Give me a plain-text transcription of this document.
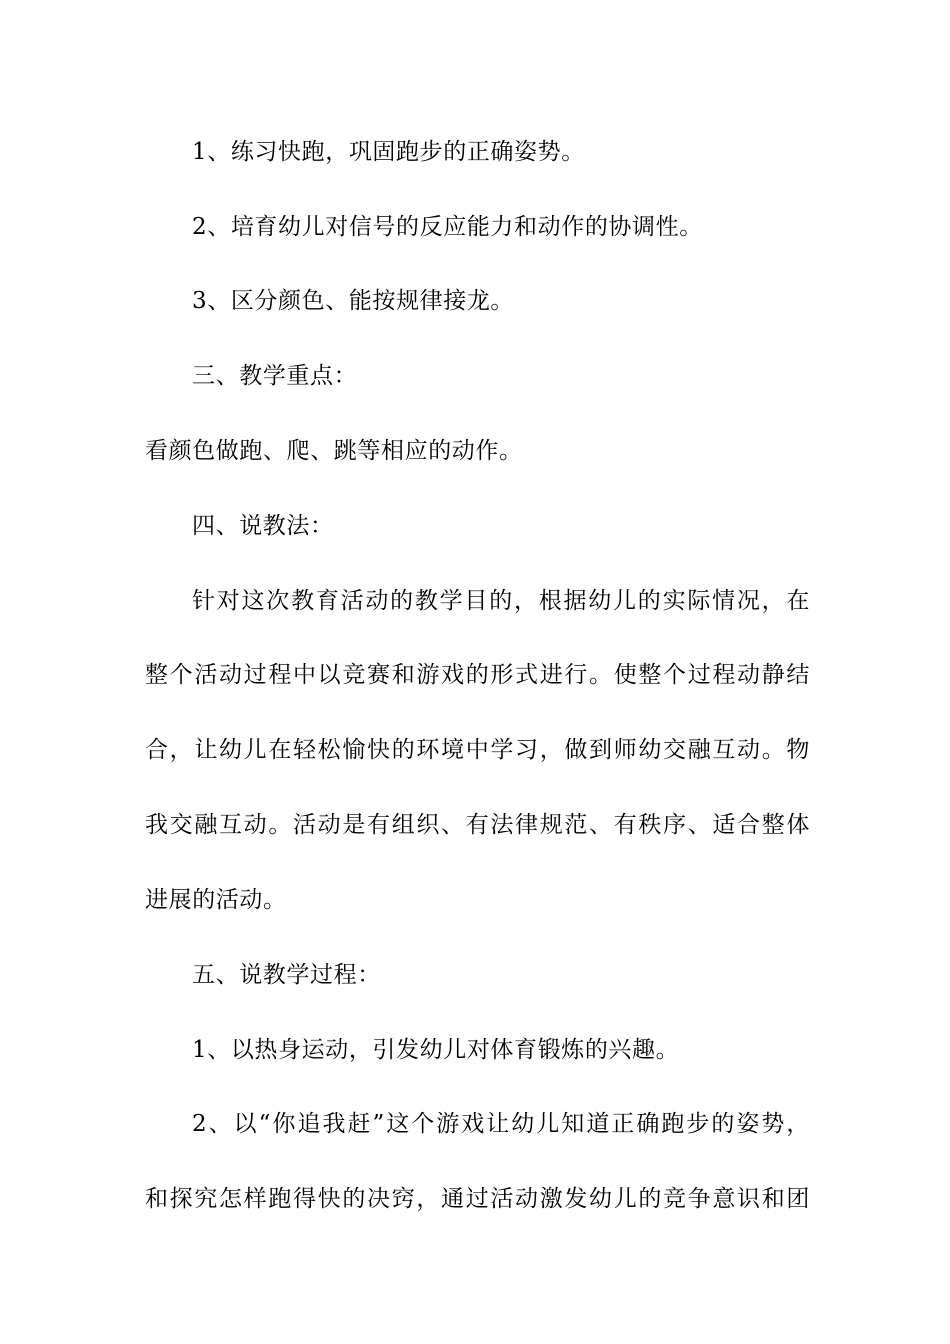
1、练习快跑，巩固跑步的正确姿势。
2、培育幼儿对信号的反应能力和动作的协调性。
3、区分颜色、能按规律接龙。
三、教学重点：
看颜色做跑、爬、跳等相应的动作。
四、说教法：
针对这次教育活动的教学目的，根据幼儿的实际情况，在
整个活动过程中以竞赛和游戏的形式进行。使整个过程动静结
合，让幼儿在轻松愉快的环境中学习，做到师幼交融互动。物
我交融互动。活动是有组织、有法律规范、有秩序、适合整体
进展的活动。
五、说教学过程：
1、以热身运动，引发幼儿对体育锻炼的兴趣。
2、以“你追我赶”这个游戏让幼儿知道正确跑步的姿势，
和探究怎样跑得快的决窍，通过活动激发幼儿的竞争意识和团
